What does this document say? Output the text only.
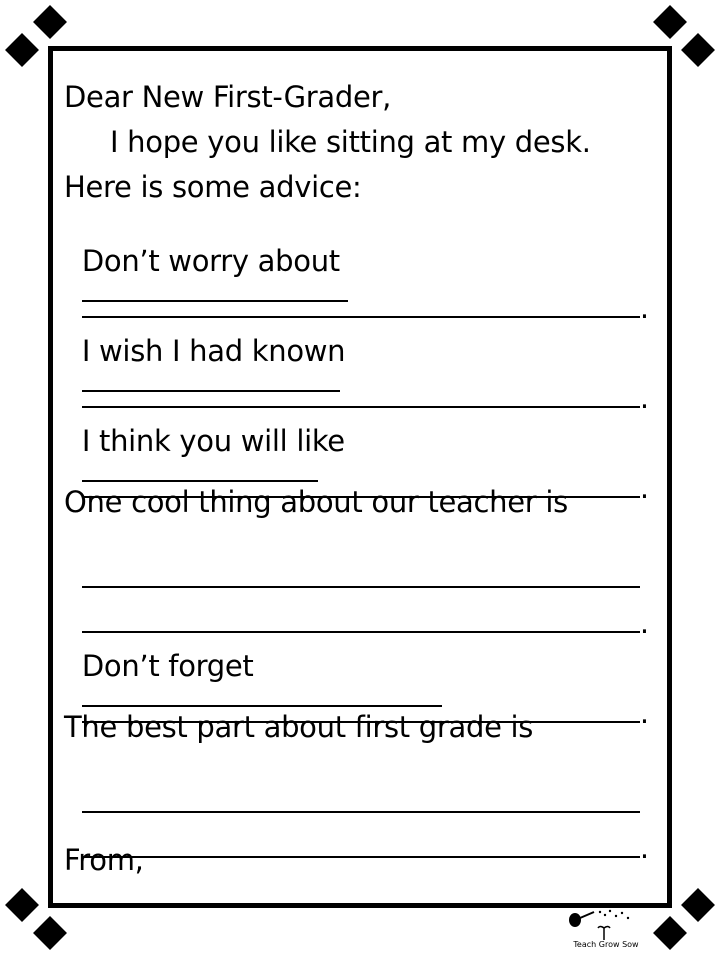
Dear New First-Grader,
I hope you like sitting at my desk.
Here is some advice:

Don’t worry about

.

I wish I had known

.

I think you will like

.

One cool thing about our teacher is

.

Don’t forget

.

The best part about first grade is

.

From,
Teach Grow Sow
